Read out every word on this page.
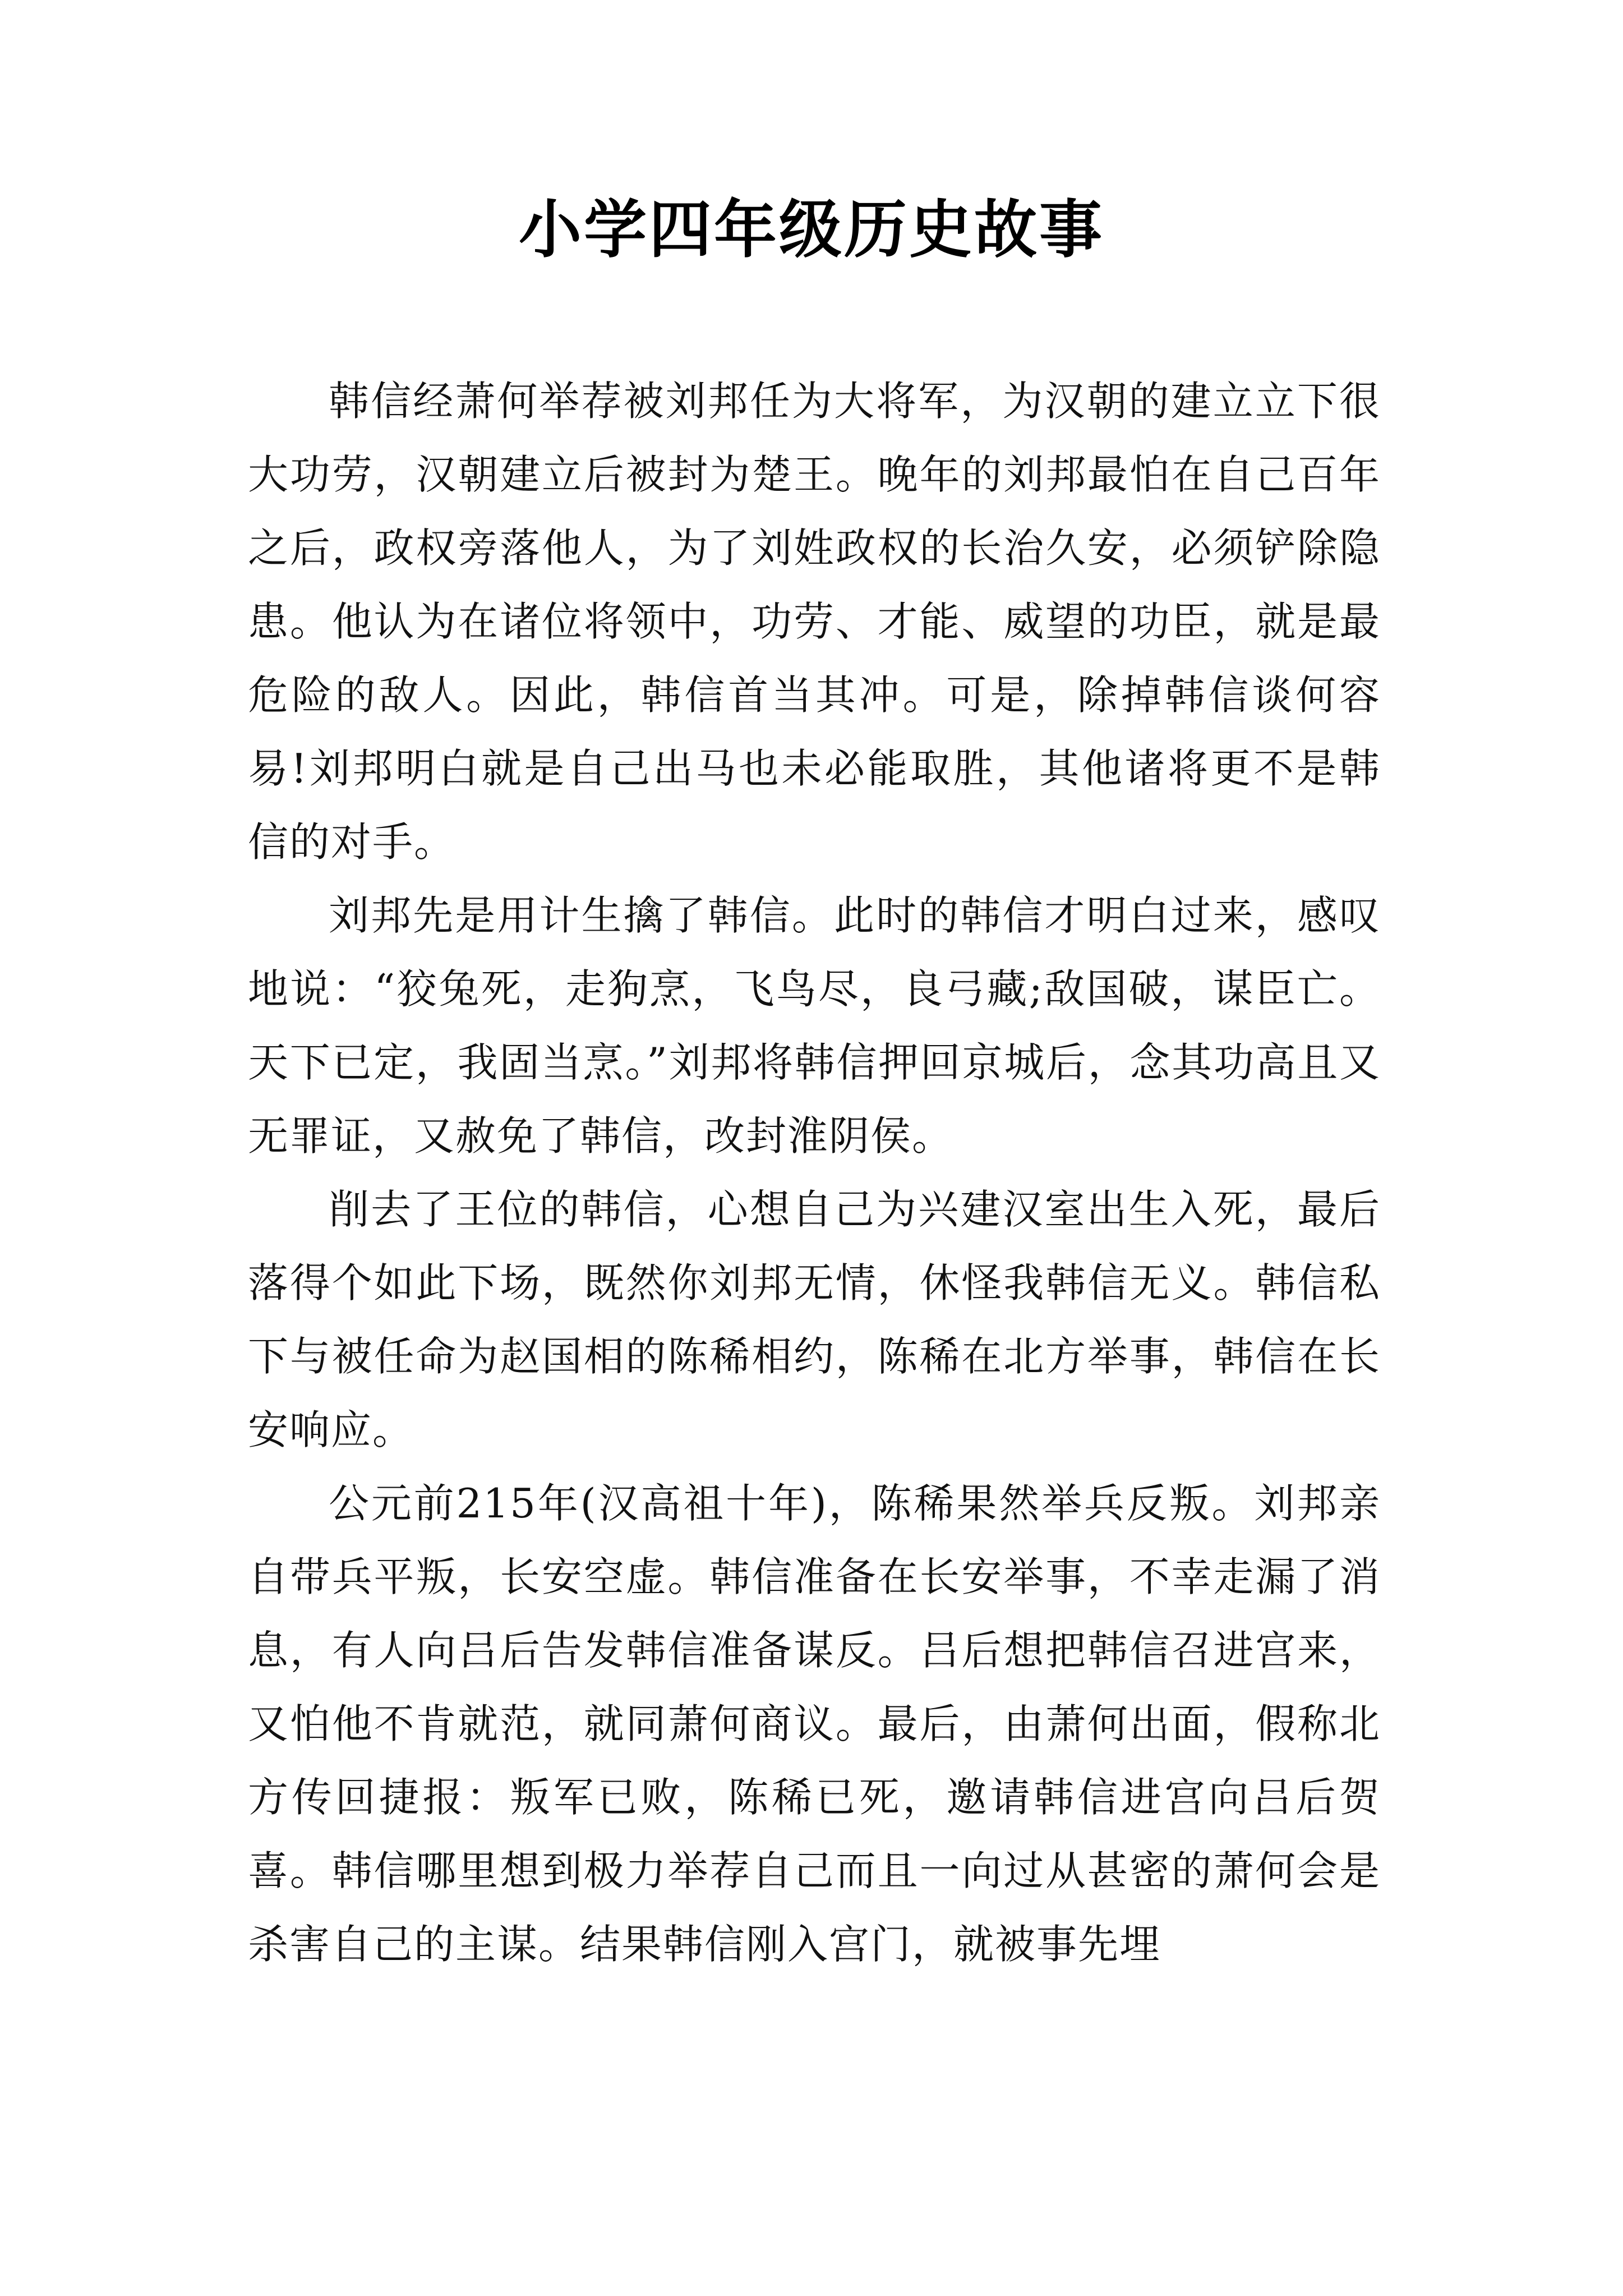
小学四年级历史故事

韩信经萧何举荐被刘邦任为大将军，为汉朝的建立立下很大功劳，汉朝建立后被封为楚王。晚年的刘邦最怕在自己百年之后，政权旁落他人，为了刘姓政权的长治久安，必须铲除隐患。他认为在诸位将领中，功劳、才能、威望的功臣，就是最危险的敌人。因此，韩信首当其冲。可是，除掉韩信谈何容易!刘邦明白就是自己出马也未必能取胜，其他诸将更不是韩信的对手。

刘邦先是用计生擒了韩信。此时的韩信才明白过来，感叹地说：“狡兔死，走狗烹，飞鸟尽，良弓藏;敌国破，谋臣亡。天下已定，我固当烹。”刘邦将韩信押回京城后，念其功高且又无罪证，又赦免了韩信，改封淮阴侯。

削去了王位的韩信，心想自己为兴建汉室出生入死，最后落得个如此下场，既然你刘邦无情，休怪我韩信无义。韩信私下与被任命为赵国相的陈稀相约，陈稀在北方举事，韩信在长安响应。

公元前215年(汉高祖十年)，陈稀果然举兵反叛。刘邦亲自带兵平叛，长安空虚。韩信准备在长安举事，不幸走漏了消息，有人向吕后告发韩信准备谋反。吕后想把韩信召进宫来，又怕他不肯就范，就同萧何商议。最后，由萧何出面，假称北方传回捷报：叛军已败，陈稀已死，邀请韩信进宫向吕后贺喜。韩信哪里想到极力举荐自己而且一向过从甚密的萧何会是杀害自己的主谋。结果韩信刚入宫门，就被事先埋
